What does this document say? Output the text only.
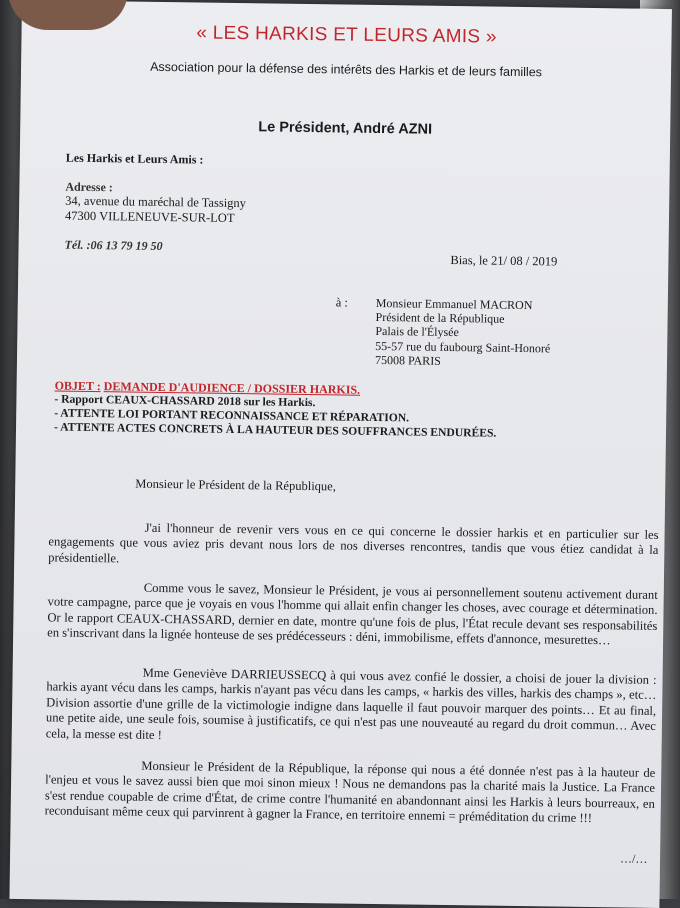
« LES HARKIS ET LEURS AMIS »
Association pour la défense des intérêts des Harkis et de leurs familles
Le Président, André AZNI
Les Harkis et Leurs Amis :
Adresse :
34, avenue du maréchal de Tassigny
47300 VILLENEUVE-SUR-LOT
Tél. :06 13 79 19 50
Bias, le 21/ 08 / 2019
à : Monsieur Emmanuel MACRON
Président de la République
Palais de l'Élysée
55-57 rue du faubourg Saint-Honoré
75008 PARIS
OBJET : DEMANDE D'AUDIENCE / DOSSIER HARKIS.
- Rapport CEAUX-CHASSARD 2018 sur les Harkis.
- ATTENTE LOI PORTANT RECONNAISSANCE ET RÉPARATION.
- ATTENTE ACTES CONCRETS À LA HAUTEUR DES SOUFFRANCES ENDURÉES.
Monsieur le Président de la République,
J'ai l'honneur de revenir vers vous en ce qui concerne le dossier harkis et en particulier sur les engagements que vous aviez pris devant nous lors de nos diverses rencontres, tandis que vous étiez candidat à la présidentielle.
Comme vous le savez, Monsieur le Président, je vous ai personnellement soutenu activement durant votre campagne, parce que je voyais en vous l'homme qui allait enfin changer les choses, avec courage et détermination. Or le rapport CEAUX-CHASSARD, dernier en date, montre qu'une fois de plus, l'État recule devant ses responsabilités en s'inscrivant dans la lignée honteuse de ses prédécesseurs : déni, immobilisme, effets d'annonce, mesurettes…
Mme Geneviève DARRIEUSSECQ à qui vous avez confié le dossier, a choisi de jouer la division : harkis ayant vécu dans les camps, harkis n'ayant pas vécu dans les camps, « harkis des villes, harkis des champs », etc… Division assortie d'une grille de la victimologie indigne dans laquelle il faut pouvoir marquer des points… Et au final, une petite aide, une seule fois, soumise à justificatifs, ce qui n'est pas une nouveauté au regard du droit commun… Avec cela, la messe est dite !
Monsieur le Président de la République, la réponse qui nous a été donnée n'est pas à la hauteur de l'enjeu et vous le savez aussi bien que moi sinon mieux ! Nous ne demandons pas la charité mais la Justice. La France s'est rendue coupable de crime d'État, de crime contre l'humanité en abandonnant ainsi les Harkis à leurs bourreaux, en reconduisant même ceux qui parvinrent à gagner la France, en territoire ennemi = préméditation du crime !!!
…/…
